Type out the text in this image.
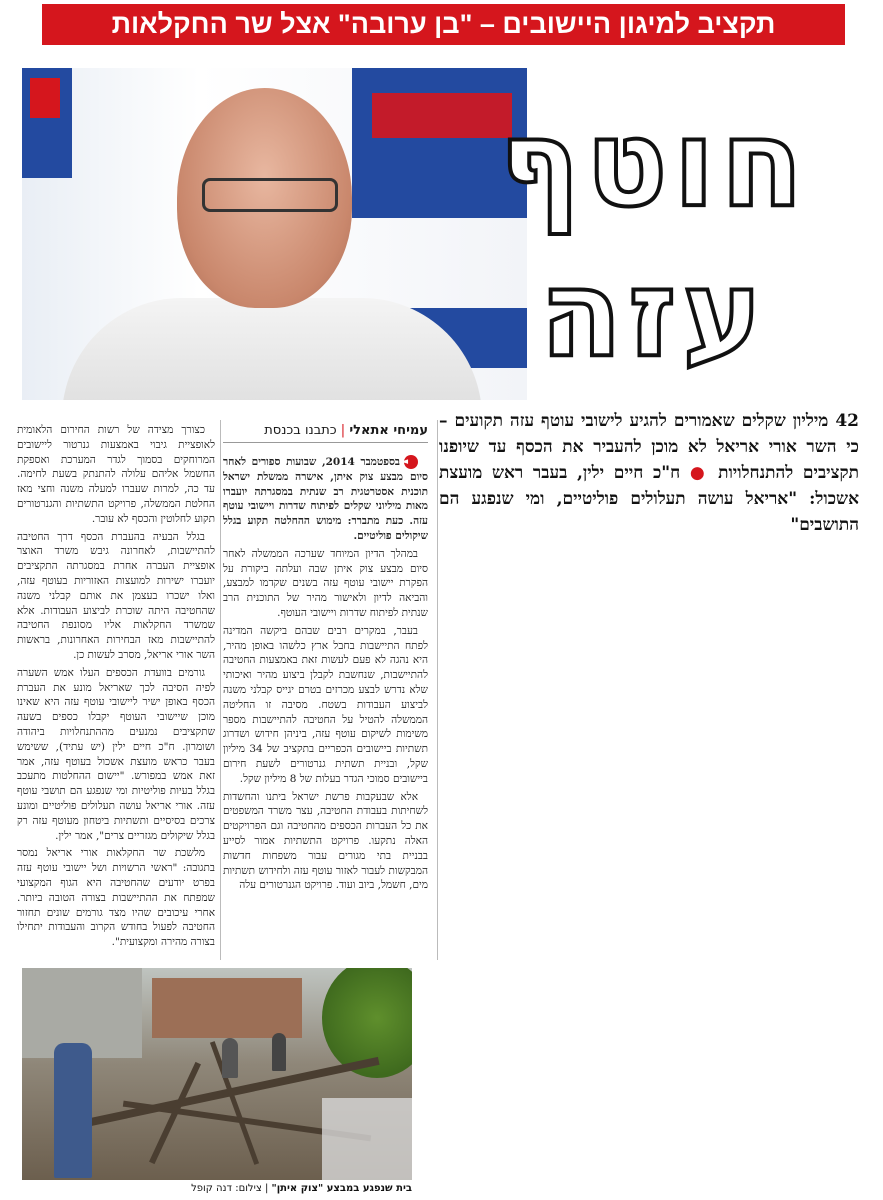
תקציב למיגון היישובים – "בן ערובה" אצל שר החקלאות
חוטף
עזה
42 מיליון שקלים שאמורים להגיע לישובי עוטף עזה תקועים – כי השר אורי אריאל לא מוכן להעביר את הכסף עד שיופנו תקציבים להתנחלויות ● ח"כ חיים ילין, בעבר ראש מועצת אשכול: "אריאל עושה תעלולים פוליטיים, ומי שנפגע הם התושבים"
עמיחי אתאלי | כתבנו בכנסת

◄בספטמבר 2014, שבועות ספורים לאחר סיום מבצע צוק איתן, אישרה ממשלת ישראל תוכנית אסטרטגית רב שנתית במסגרתה יועברו מאות מיליוני שקלים לפיתוח שדרות ויישובי עוטף עזה. כעת מתברר: מימוש ההחלטה תקוע בגלל שיקולים פוליטיים.

במהלך הדיון המיוחד שערכה הממשלה לאחר סיום מבצע צוק איתן שבה ועלתה ביקורת על הפקרת יישובי עוטף עזה בשנים שקדמו למבצע, והביאה לדיון ולאישור מהיר של התוכנית הרב שנתית לפיתוח שדרות ויישובי העוטף.

בעבר, במקרים רבים שבהם ביקשה המדינה לפתח התיישבות בחבל ארץ כלשהו באופן מהיר, היא נהגה לא פעם לעשות זאת באמצעות החטיבה להתיישבות, שנחשבת לקבלן ביצוע מהיר ואיכותי שלא נדרש לבצע מכרזים בטרם יגייס קבלני משנה לביצוע העבודות בשטח. מסיבה זו החליטה הממשלה להטיל על החטיבה להתיישבות מספר משימות לשיקום עוטף עזה, ביניהן חידוש ושדרוג תשתיות ביישובים הכפריים בתקציב של 34 מיליון שקל, ובניית תשתית גנרטורים לשעת חירום ביישובים סמוכי הגדר בעלות של 8 מיליון שקל.

אלא שבעקבות פרשת ישראל ביתנו והחשדות לשחיתות בעבודת החטיבה, עצר משרד המשפטים את כל העברות הכספים מהחטיבה וגם הפרויקטים האלה נתקעו. פרויקט התשתיות אמור לסייע בבניית בתי מגורים עבור משפחות חדשות המבקשות לעבור לאזור עוטף עזה ולחידוש תשתיות מים, חשמל, ביוב ועוד. פרויקט הגנרטורים עלה

כצורך מצידה של רשות החירום הלאומית לאופציית גיבוי באמצעות גנרטור ליישובים המרוחקים בסמוך לגדר המערכת ואספקת החשמל אליהם עלולה להתנתק בשעת לחימה. עד כה, למרות שעברו למעלה משנה וחצי מאז החלטת הממשלה, פרויקט התשתיות והגנרטורים תקוע לחלוטין והכסף לא עובר.

בגלל הבעיה בהעברת הכסף דרך החטיבה להתיישבות, לאחרונה גיבש משרד האוצר אופציית העברה אחרת במסגרתה התקציבים יועברו ישירות למועצות האזוריות בעוטף עזה, ואלו ישכרו בעצמן את אותם קבלני משנה שהחטיבה היתה שוכרת לביצוע העבודות. אלא שמשרד החקלאות אליו מסונפת החטיבה להתיישבות מאז הבחירות האחרונות, בראשות השר אורי אריאל, מסרב לעשות כן.

גורמים בוועדת הכספים העלו אמש השערה לפיה הסיבה לכך שאריאל מונע את העברת הכסף באופן ישיר ליישובי עוטף עזה היא שאינו מוכן שיישובי העוטף יקבלו כספים בשעה שתקציבים נמנעים מההתנחלויות ביהודה ושומרון. ח"כ חיים ילין (יש עתיד), ששימש בעבר כראש מועצת אשכול בעוטף עזה, אמר זאת אמש במפורש. "יישום ההחלטות מתעכב בגלל בעיות פוליטיות ומי שנפגע הם תושבי עוטף עזה. אורי אריאל עושה תעלולים פוליטיים ומונע צרכים בסיסיים ותשתיות ביטחון מעוטף עזה רק בגלל שיקולים מגזריים צרים", אמר ילין.

מלשכת שר החקלאות אורי אריאל נמסר בתגובה: "ראשי הרשויות ושל יישובי עוטף עזה בפרט יודעים שהחטיבה היא הגוף המקצועי שמפתח את ההתיישבות בצורה הטובה ביותר. אחרי עיכובים שהיו מצד גורמים שונים תחזור החטיבה לפעול בחודש הקרוב והעבודות יתחילו בצורה מהירה ומקצועית".

בית שנפגע במבצע "צוק איתן" | צילום: דנה קופל
